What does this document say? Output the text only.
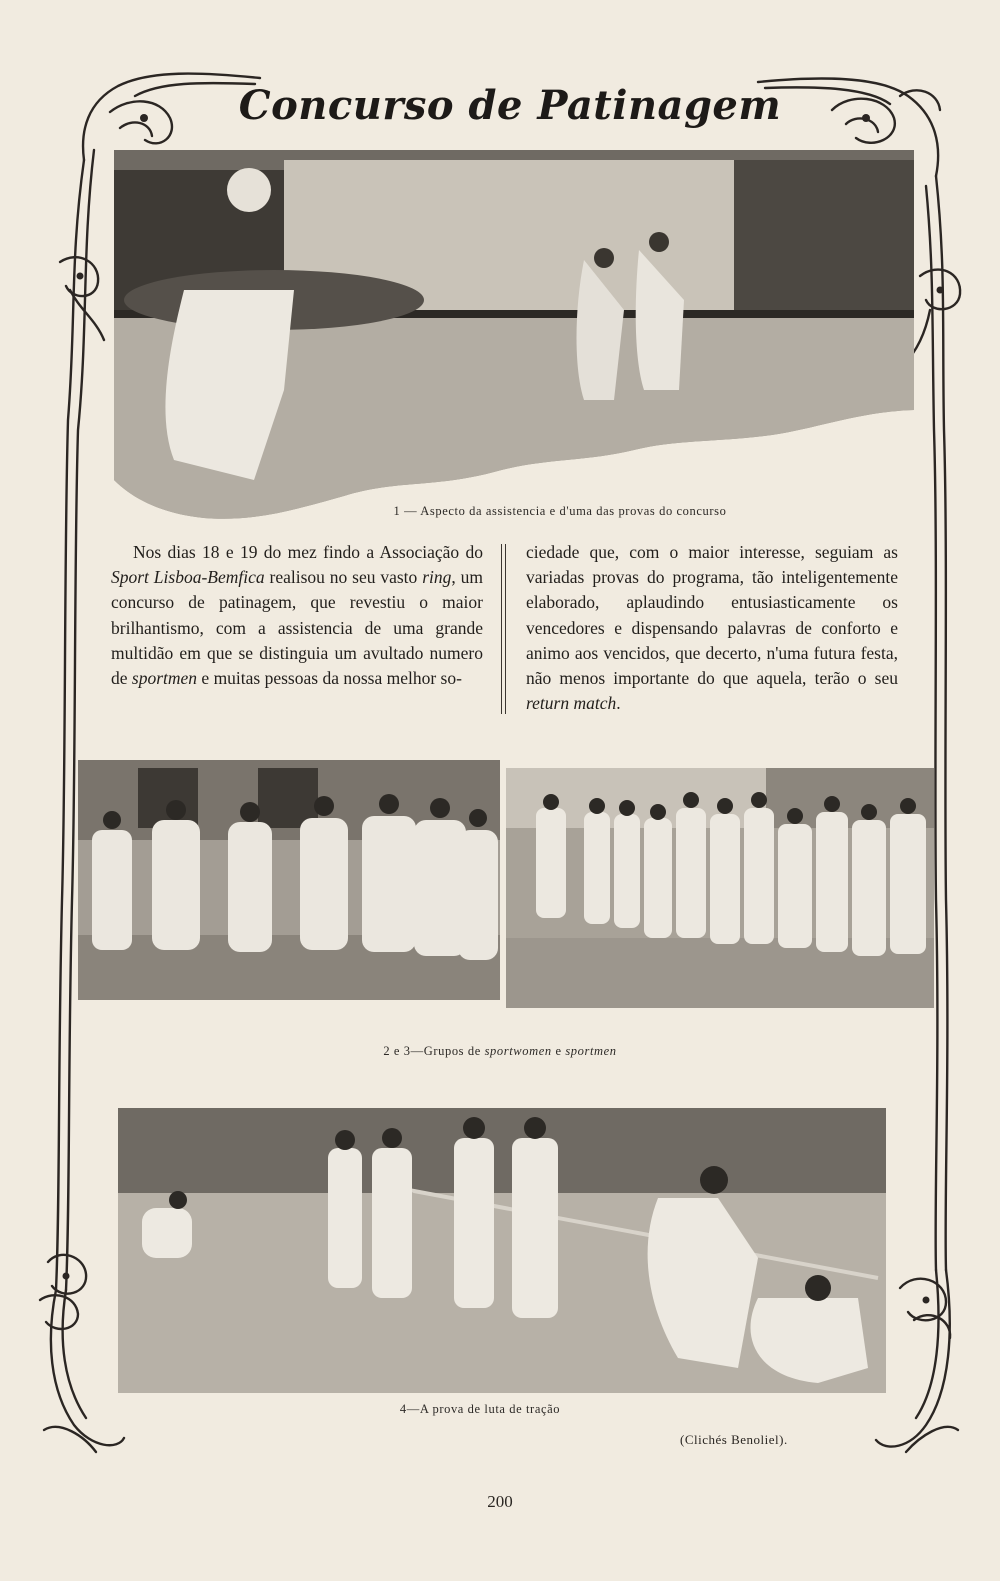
Concurso de Patinagem
1 — Aspecto da assistencia e d'uma das provas do concurso

Nos dias 18 e 19 do mez findo a Associação do Sport Lisboa-Bemfica realisou no seu vasto ring, um concurso de patinagem, que revestiu o maior brilhantismo, com a assistencia de uma grande multidão em que se distinguia um avultado numero de sportmen e muitas pessoas da nossa melhor so-

ciedade que, com o maior interesse, seguiam as variadas provas do programa, tão inteligentemente elaborado, aplaudindo entusiasticamente os vencedores e dispensando palavras de conforto e animo aos vencidos, que decerto, n'uma futura festa, não menos importante do que aquela, terão o seu return match.

2 e 3—Grupos de sportwomen e sportmen
4—A prova de luta de tração
(Clichés Benoliel).
200
